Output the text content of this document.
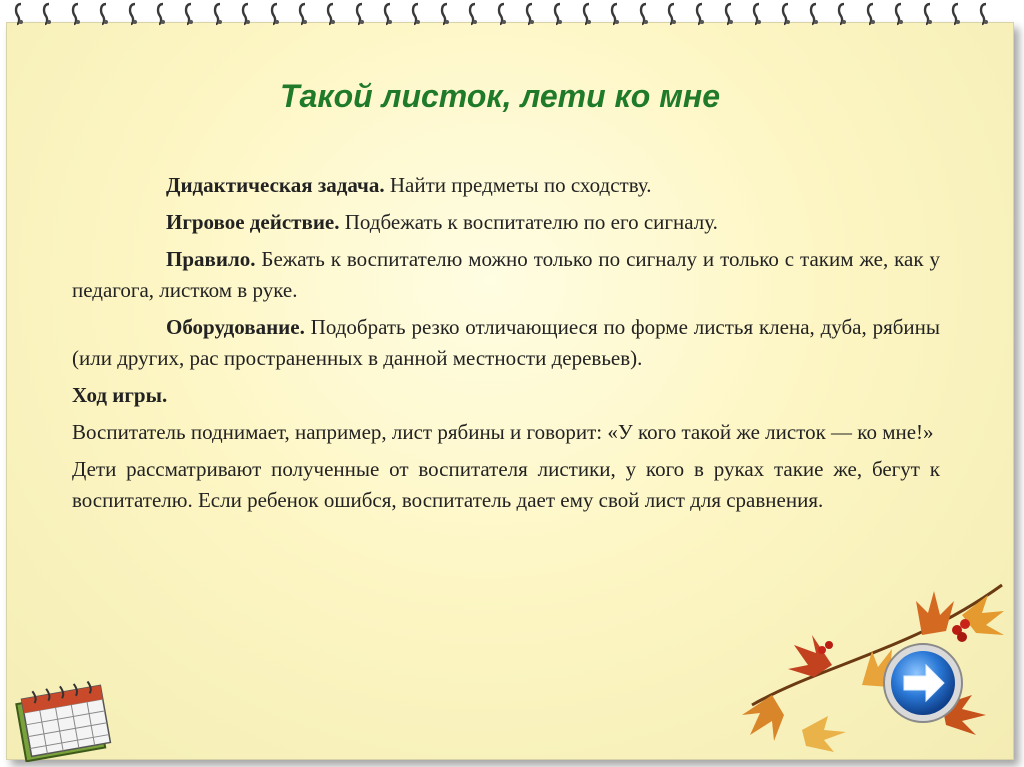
Такой листок, лети ко мне

Дидактическая задача. Найти предметы по сходству.

Игровое действие. Подбежать к воспитателю по его сигналу.

Правило. Бежать к воспитателю можно только по сигналу и только с таким же, как у педагога, листком в руке.

Оборудование. Подобрать резко отличающиеся по форме листья клена, дуба, рябины (или других, рас пространенных в данной местности деревьев).

Ход игры.

Воспитатель поднимает, например, лист рябины и говорит: «У кого такой же листок — ко мне!»

Дети рассматривают полученные от воспитателя листики, у кого в руках такие же, бегут к воспитателю. Если ребенок ошибся, воспитатель дает ему свой лист для сравнения.
